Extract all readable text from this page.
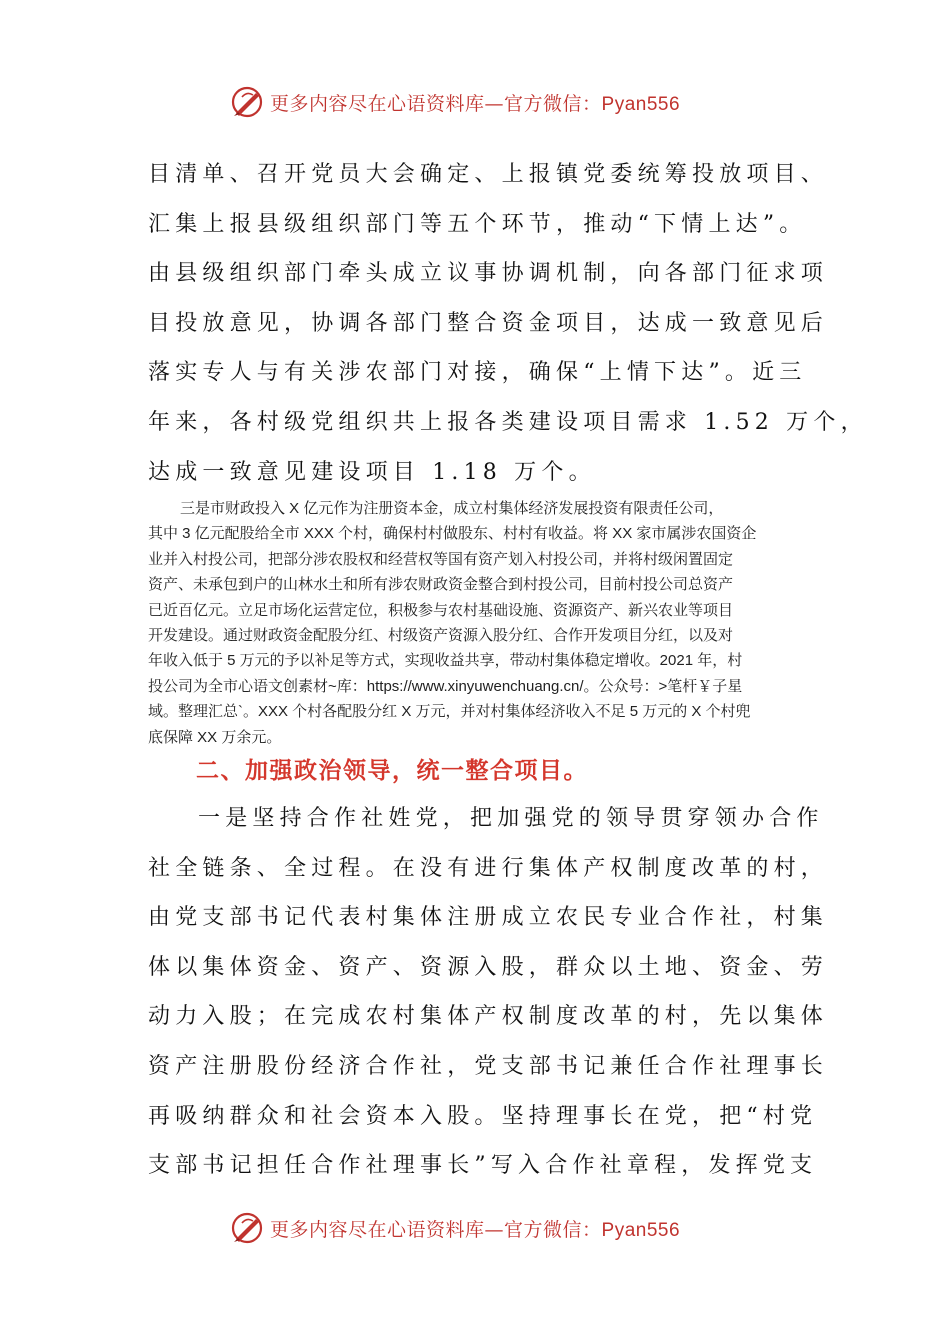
更多内容尽在心语资料库—官方微信：Pyan556
目清单、召开党员大会确定、上报镇党委统筹投放项目、
汇集上报县级组织部门等五个环节，推动“下情上达”。
由县级组织部门牵头成立议事协调机制，向各部门征求项
目投放意见，协调各部门整合资金项目，达成一致意见后
落实专人与有关涉农部门对接，确保“上情下达”。近三
年来，各村级党组织共上报各类建设项目需求 1.52 万个，
达成一致意见建设项目 1.18 万个。
三是市财政投入 X 亿元作为注册资本金，成立村集体经济发展投资有限责任公司，
其中 3 亿元配股给全市 XXX 个村，确保村村做股东、村村有收益。将 XX 家市属涉农国资企
业并入村投公司，把部分涉农股权和经营权等国有资产划入村投公司，并将村级闲置固定
资产、未承包到户的山林水土和所有涉农财政资金整合到村投公司，目前村投公司总资产
已近百亿元。立足市场化运营定位，积极参与农村基础设施、资源资产、新兴农业等项目
开发建设。通过财政资金配股分红、村级资产资源入股分红、合作开发项目分红，以及对
年收入低于 5 万元的予以补足等方式，实现收益共享，带动村集体稳定增收。2021 年，村
投公司为全市心语文创素材~库：https://www.xinyuwenchuang.cn/。公众号：>笔杆￥子星
域。整理汇总`。XXX 个村各配股分红 X 万元，并对村集体经济收入不足 5 万元的 X 个村兜
底保障 XX 万余元。
二、加强政治领导，统一整合项目。
一是坚持合作社姓党，把加强党的领导贯穿领办合作
社全链条、全过程。在没有进行集体产权制度改革的村，
由党支部书记代表村集体注册成立农民专业合作社，村集
体以集体资金、资产、资源入股，群众以土地、资金、劳
动力入股；在完成农村集体产权制度改革的村，先以集体
资产注册股份经济合作社，党支部书记兼任合作社理事长
再吸纳群众和社会资本入股。坚持理事长在党，把“村党
支部书记担任合作社理事长”写入合作社章程，发挥党支
更多内容尽在心语资料库—官方微信：Pyan556
